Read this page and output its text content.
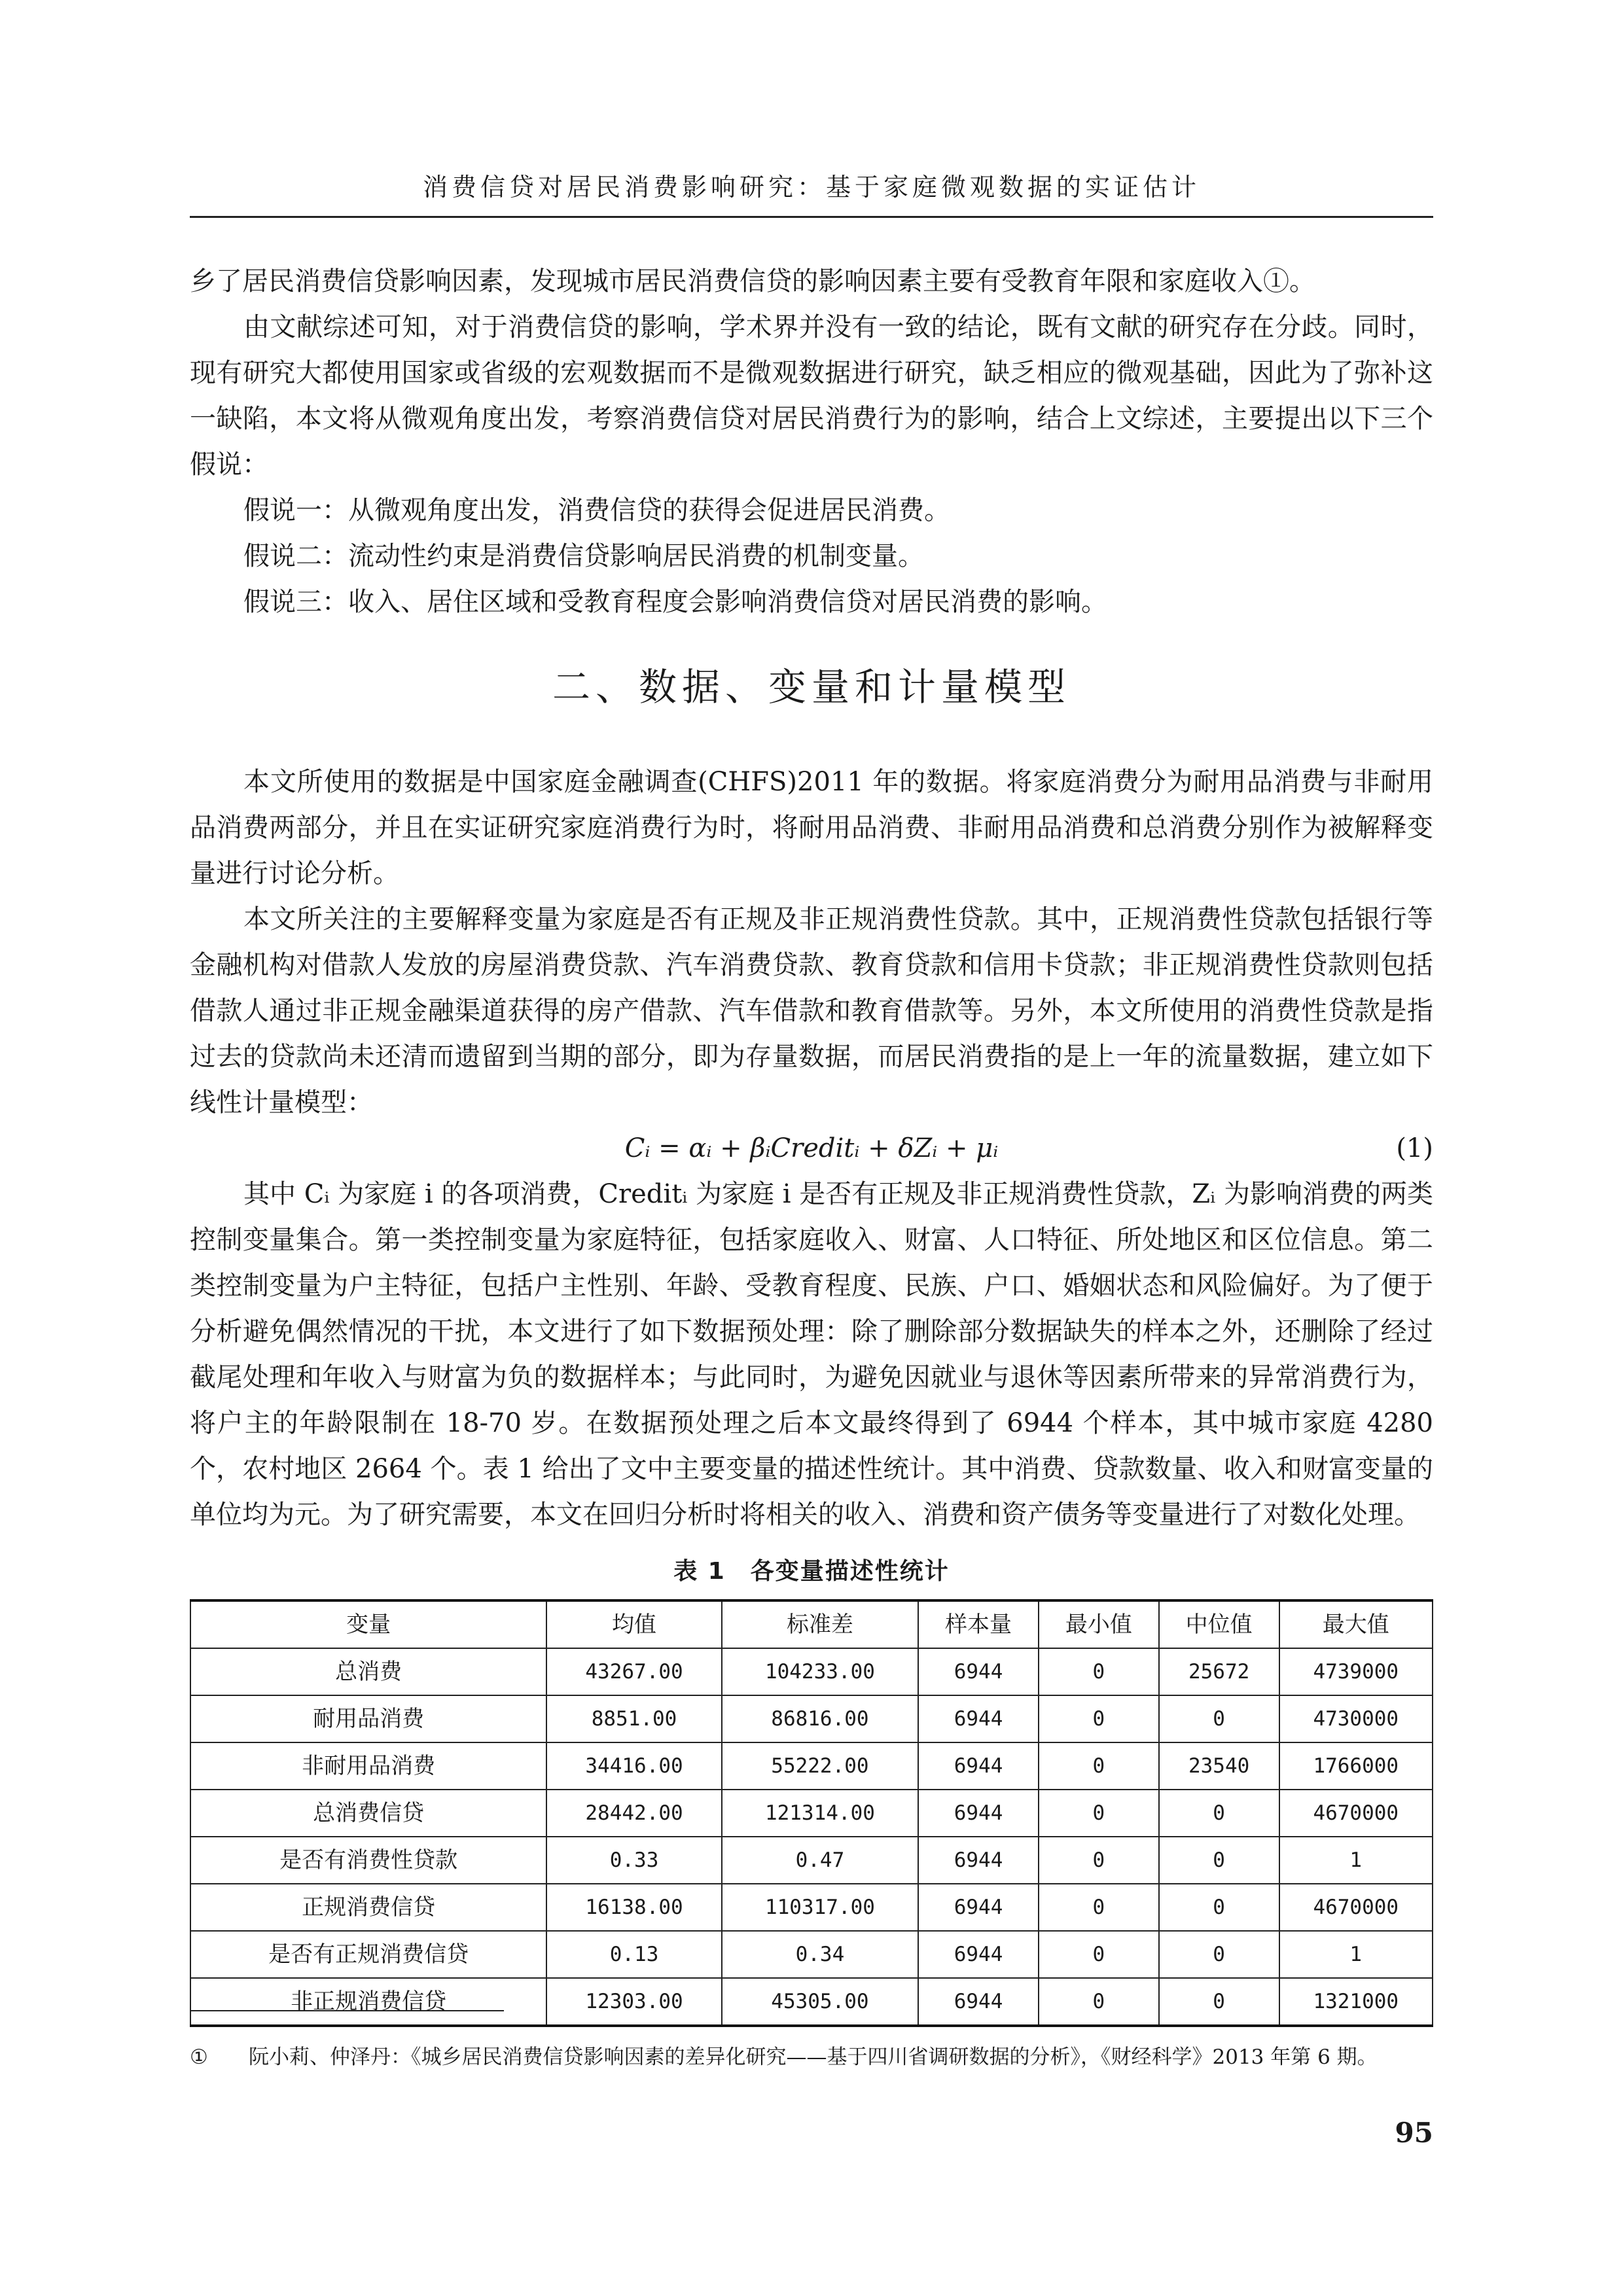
消费信贷对居民消费影响研究：基于家庭微观数据的实证估计

乡了居民消费信贷影响因素，发现城市居民消费信贷的影响因素主要有受教育年限和家庭收入①。

由文献综述可知，对于消费信贷的影响，学术界并没有一致的结论，既有文献的研究存在分歧。同时，现有研究大都使用国家或省级的宏观数据而不是微观数据进行研究，缺乏相应的微观基础，因此为了弥补这一缺陷，本文将从微观角度出发，考察消费信贷对居民消费行为的影响，结合上文综述，主要提出以下三个假说：

假说一：从微观角度出发，消费信贷的获得会促进居民消费。

假说二：流动性约束是消费信贷影响居民消费的机制变量。

假说三：收入、居住区域和受教育程度会影响消费信贷对居民消费的影响。

二、数据、变量和计量模型

本文所使用的数据是中国家庭金融调查(CHFS)2011 年的数据。将家庭消费分为耐用品消费与非耐用品消费两部分，并且在实证研究家庭消费行为时，将耐用品消费、非耐用品消费和总消费分别作为被解释变量进行讨论分析。

本文所关注的主要解释变量为家庭是否有正规及非正规消费性贷款。其中，正规消费性贷款包括银行等金融机构对借款人发放的房屋消费贷款、汽车消费贷款、教育贷款和信用卡贷款；非正规消费性贷款则包括借款人通过非正规金融渠道获得的房产借款、汽车借款和教育借款等。另外，本文所使用的消费性贷款是指过去的贷款尚未还清而遗留到当期的部分，即为存量数据，而居民消费指的是上一年的流量数据，建立如下线性计量模型：

Cᵢ = αᵢ + βᵢCreditᵢ + δZᵢ + μᵢ	(1)

其中 Cᵢ 为家庭 i 的各项消费，Creditᵢ 为家庭 i 是否有正规及非正规消费性贷款，Zᵢ 为影响消费的两类控制变量集合。第一类控制变量为家庭特征，包括家庭收入、财富、人口特征、所处地区和区位信息。第二类控制变量为户主特征，包括户主性别、年龄、受教育程度、民族、户口、婚姻状态和风险偏好。为了便于分析避免偶然情况的干扰，本文进行了如下数据预处理：除了删除部分数据缺失的样本之外，还删除了经过截尾处理和年收入与财富为负的数据样本；与此同时，为避免因就业与退休等因素所带来的异常消费行为，将户主的年龄限制在 18-70 岁。在数据预处理之后本文最终得到了 6944 个样本，其中城市家庭 4280 个，农村地区 2664 个。表 1 给出了文中主要变量的描述性统计。其中消费、贷款数量、收入和财富变量的单位均为元。为了研究需要，本文在回归分析时将相关的收入、消费和资产债务等变量进行了对数化处理。

表 1　各变量描述性统计
变量	均值	标准差	样本量	最小值	中位值	最大值
总消费	43267.00	104233.00	6944	0	25672	4739000
耐用品消费	8851.00	86816.00	6944	0	0	4730000
非耐用品消费	34416.00	55222.00	6944	0	23540	1766000
总消费信贷	28442.00	121314.00	6944	0	0	4670000
是否有消费性贷款	0.33	0.47	6944	0	0	1
正规消费信贷	16138.00	110317.00	6944	0	0	4670000
是否有正规消费信贷	0.13	0.34	6944	0	0	1
非正规消费信贷	12303.00	45305.00	6944	0	0	1321000
① 阮小莉、仲泽丹：《城乡居民消费信贷影响因素的差异化研究——基于四川省调研数据的分析》，《财经科学》2013 年第 6 期。
95
